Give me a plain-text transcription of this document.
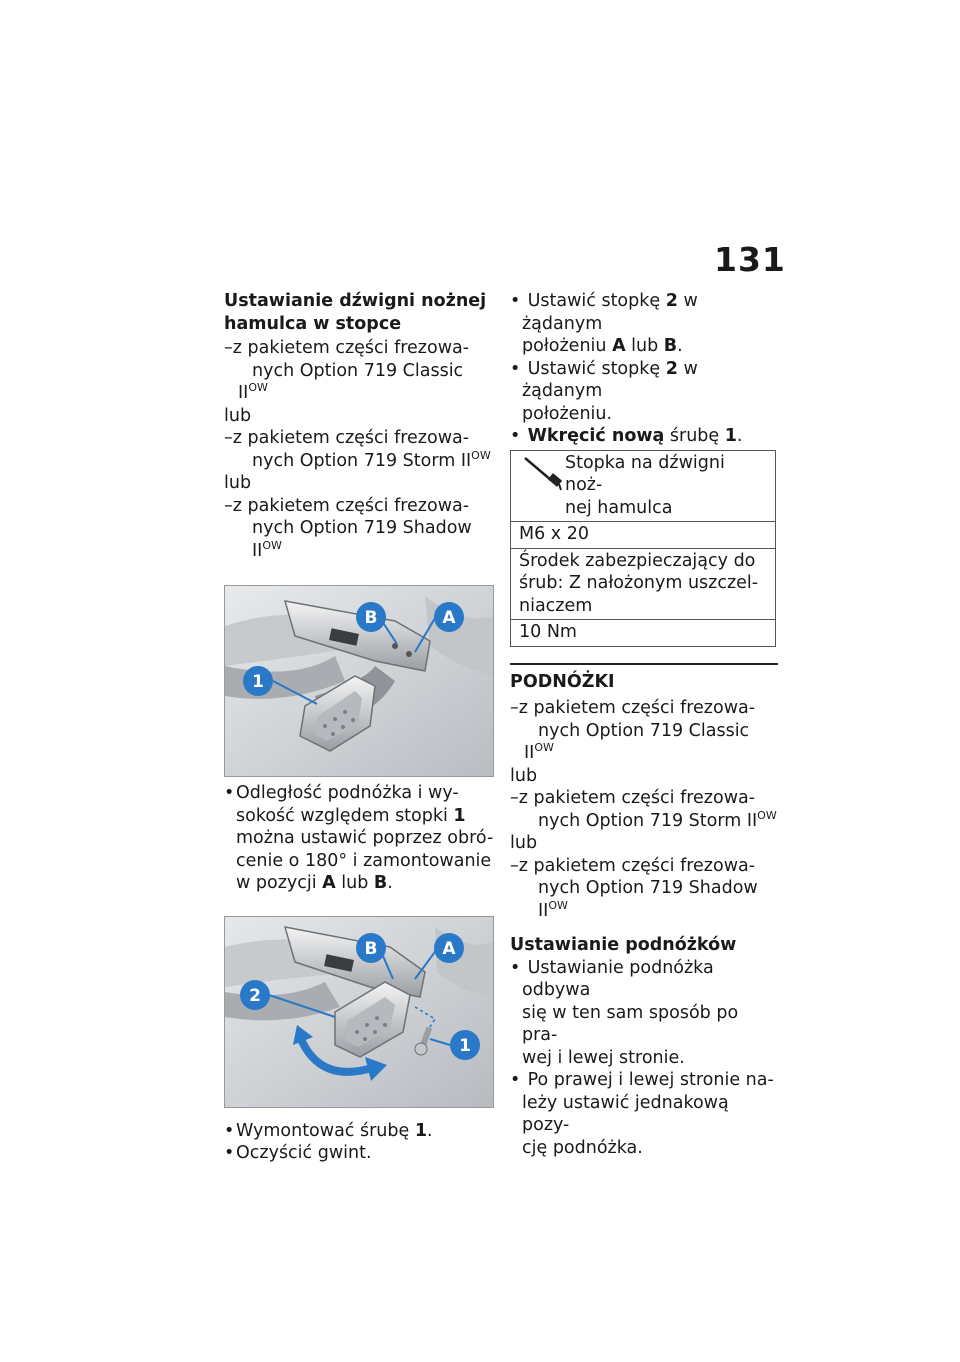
131
Ustawianie dźwigni nożnej
hamulca w stopce
–z pakietem części frezowa-
nych Option 719 Classic $II^{OW}$
lub
–z pakietem części frezowa-
nych Option 719 Storm $II^{OW}$
lub
–z pakietem części frezowa-
nych Option 719 Shadow
$II^{OW}$
1
B	A

• Odległość podnóżka i wy-
sokość względem stopki 1
można ustawić poprzez obró-
cenie o 180° i zamontowanie
w pozycji A lub B.

2
B	A
1

• Wymontować śrubę 1.

• Oczyścić gwint.

• Ustawić stopkę 2 w żądanym
położeniu A lub B.

• Ustawić stopkę 2 w żądanym
położeniu.

• Wkręcić nową śrubę 1.

Stopka na dźwigni noż-
nej hamulca

M6 x 20

Środek zabezpieczający do
śrub: Z nałożonym uszczel-
niaczem

10 Nm
PODNÓŻKI
–z pakietem części frezowa-
nych Option 719 Classic $II^{OW}$
lub
–z pakietem części frezowa-
nych Option 719 Storm $II^{OW}$
lub
–z pakietem części frezowa-
nych Option 719 Shadow
$II^{OW}$
Ustawianie podnóżków

• Ustawianie podnóżka odbywa
się w ten sam sposób po pra-
wej i lewej stronie.

• Po prawej i lewej stronie na-
leży ustawić jednakową pozy-
cję podnóżka.
